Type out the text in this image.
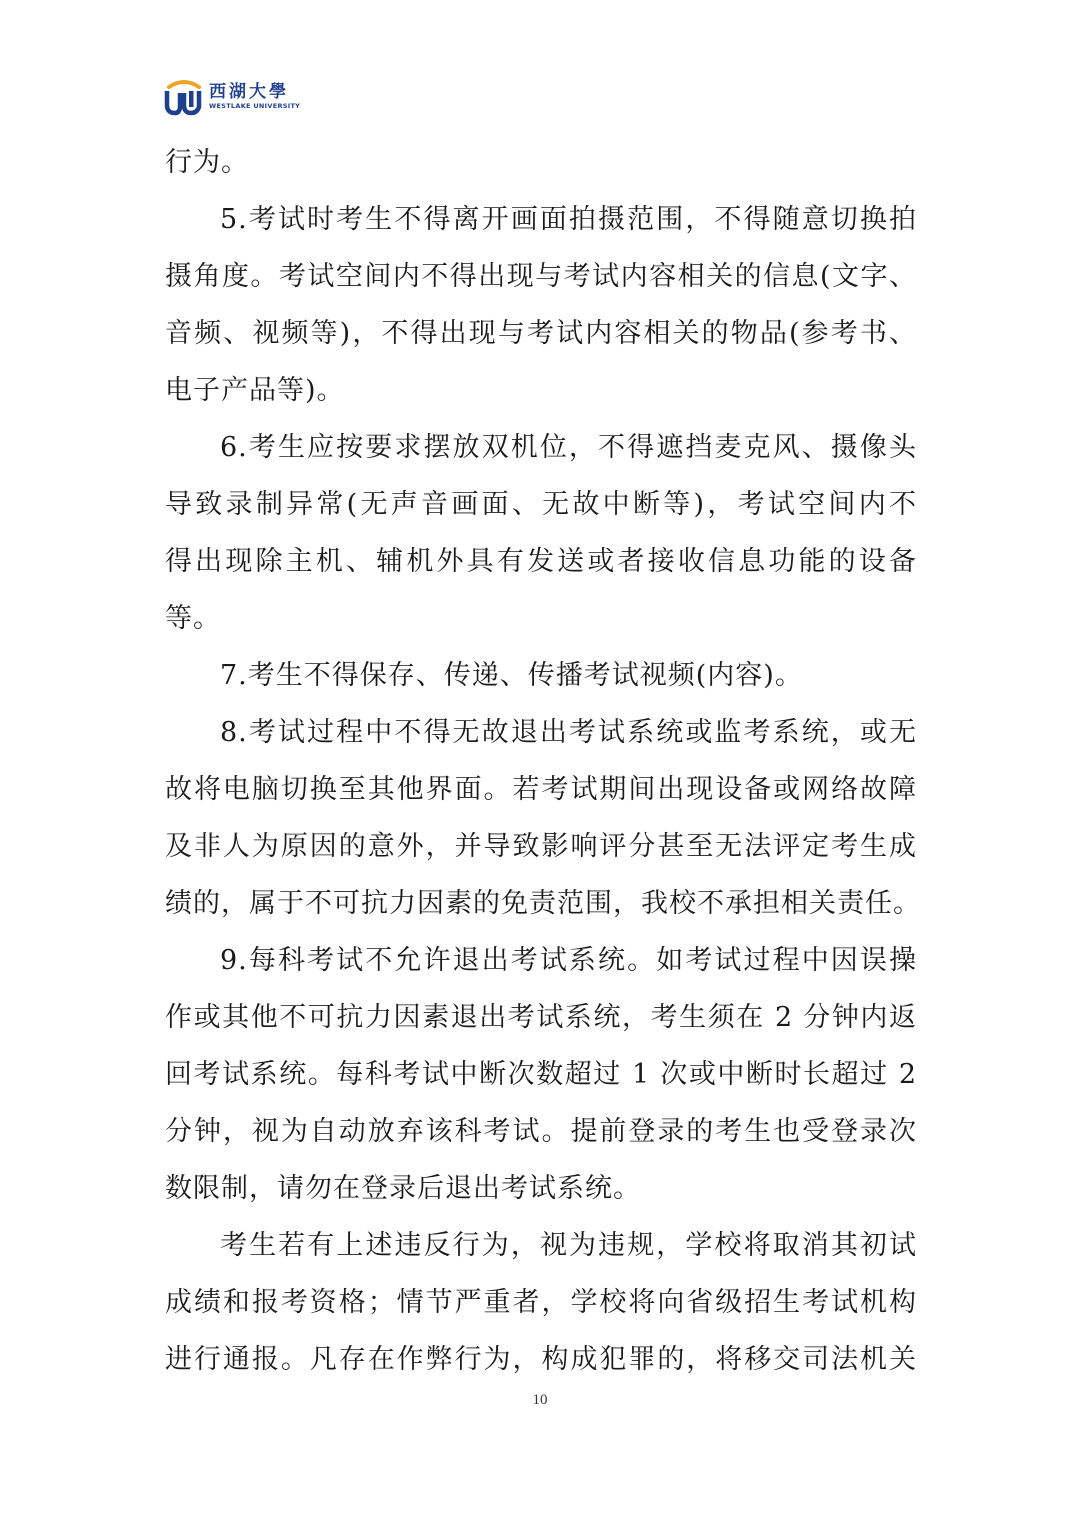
西湖大學
WESTLAKE UNIVERSITY
行为。
5.考试时考生不得离开画面拍摄范围，不得随意切换拍
摄角度。考试空间内不得出现与考试内容相关的信息(文字、
音频、视频等)，不得出现与考试内容相关的物品(参考书、
电子产品等)。
6.考生应按要求摆放双机位，不得遮挡麦克风、摄像头
导致录制异常(无声音画面、无故中断等)，考试空间内不
得出现除主机、辅机外具有发送或者接收信息功能的设备
等。
7.考生不得保存、传递、传播考试视频(内容)。
8.考试过程中不得无故退出考试系统或监考系统，或无
故将电脑切换至其他界面。若考试期间出现设备或网络故障
及非人为原因的意外，并导致影响评分甚至无法评定考生成
绩的，属于不可抗力因素的免责范围，我校不承担相关责任。
9.每科考试不允许退出考试系统。如考试过程中因误操
作或其他不可抗力因素退出考试系统，考生须在 2 分钟内返
回考试系统。每科考试中断次数超过 1 次或中断时长超过 2
分钟，视为自动放弃该科考试。提前登录的考生也受登录次
数限制，请勿在登录后退出考试系统。
考生若有上述违反行为，视为违规，学校将取消其初试
成绩和报考资格；情节严重者，学校将向省级招生考试机构
进行通报。凡存在作弊行为，构成犯罪的，将移交司法机关
10
